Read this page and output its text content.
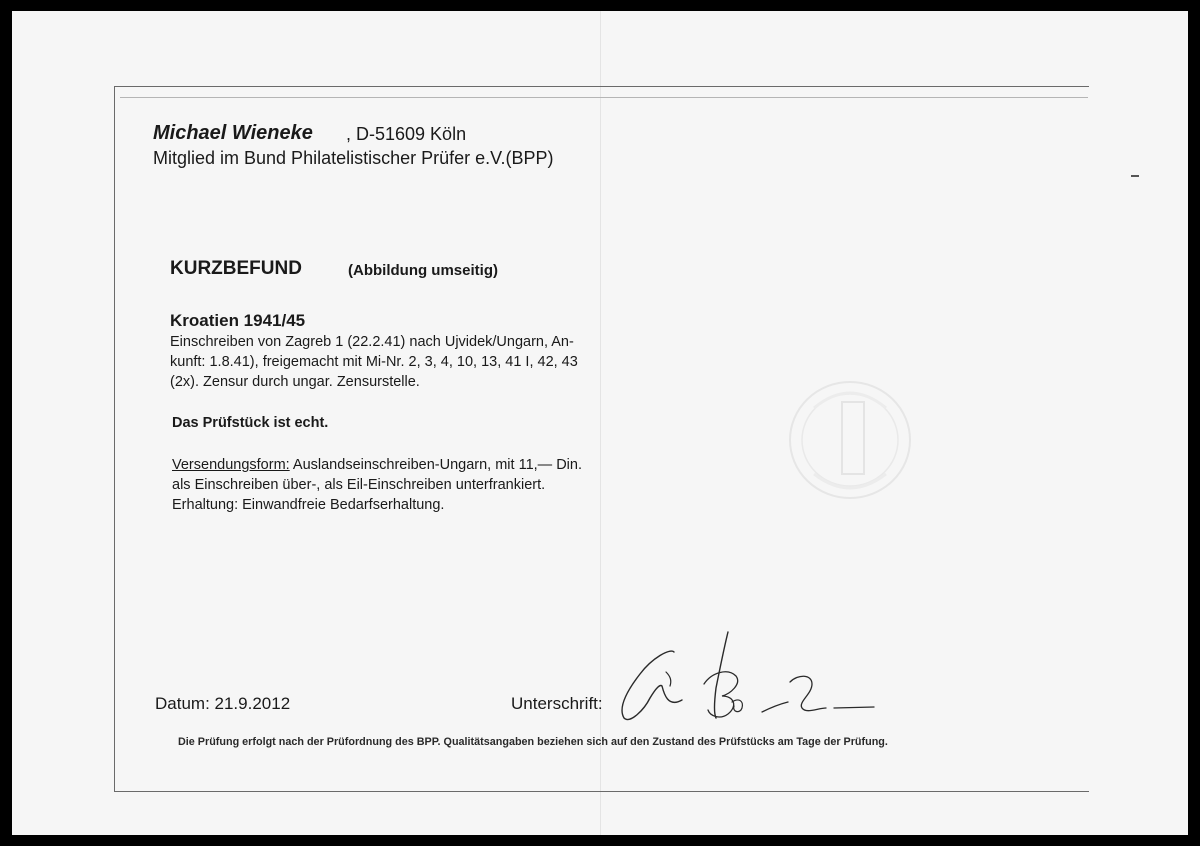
Michael Wieneke , D-51609 Köln

Mitglied im Bund Philatelistischer Prüfer e.V.(BPP)

KURZBEFUND	(Abbildung umseitig)

Kroatien 1941/45

Einschreiben von Zagreb 1 (22.2.41) nach Ujvidek/Ungarn, An-
kunft: 1.8.41), freigemacht mit Mi-Nr. 2, 3, 4, 10, 13, 41 I, 42, 43
(2x). Zensur durch ungar. Zensurstelle.

Das Prüfstück ist echt.

Versendungsform: Auslandseinschreiben-Ungarn, mit 11,— Din.
als Einschreiben über-, als Eil-Einschreiben unterfrankiert.
Erhaltung: Einwandfreie Bedarfserhaltung.

Datum: 21.9.2012	Unterschrift:

Die Prüfung erfolgt nach der Prüfordnung des BPP. Qualitätsangaben beziehen sich auf den Zustand des Prüfstücks am Tage der Prüfung.
